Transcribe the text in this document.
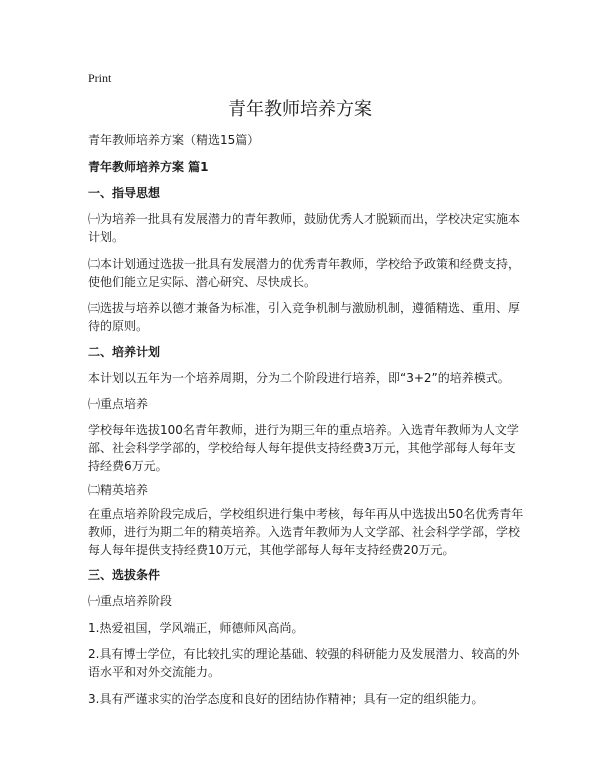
Print
青年教师培养方案
青年教师培养方案（精选15篇）
青年教师培养方案 篇1
一、指导思想
㈠为培养一批具有发展潜力的青年教师，鼓励优秀人才脱颖而出，学校决定实施本
计划。
㈡本计划通过选拔一批具有发展潜力的优秀青年教师，学校给予政策和经费支持，
使他们能立足实际、潜心研究、尽快成长。
㈢选拔与培养以德才兼备为标准，引入竞争机制与激励机制，遵循精选、重用、厚
待的原则。
二、培养计划
本计划以五年为一个培养周期，分为二个阶段进行培养，即“3+2”的培养模式。
㈠重点培养
学校每年选拔100名青年教师，进行为期三年的重点培养。入选青年教师为人文学
部、社会科学学部的，学校给每人每年提供支持经费3万元，其他学部每人每年支
持经费6万元。
㈡精英培养
在重点培养阶段完成后，学校组织进行集中考核，每年再从中选拔出50名优秀青年
教师，进行为期二年的精英培养。入选青年教师为人文学部、社会科学学部，学校
每人每年提供支持经费10万元，其他学部每人每年支持经费20万元。
三、选拔条件
㈠重点培养阶段
1.热爱祖国，学风端正，师德师风高尚。
2.具有博士学位，有比较扎实的理论基础、较强的科研能力及发展潜力、较高的外
语水平和对外交流能力。
3.具有严谨求实的治学态度和良好的团结协作精神；具有一定的组织能力。
